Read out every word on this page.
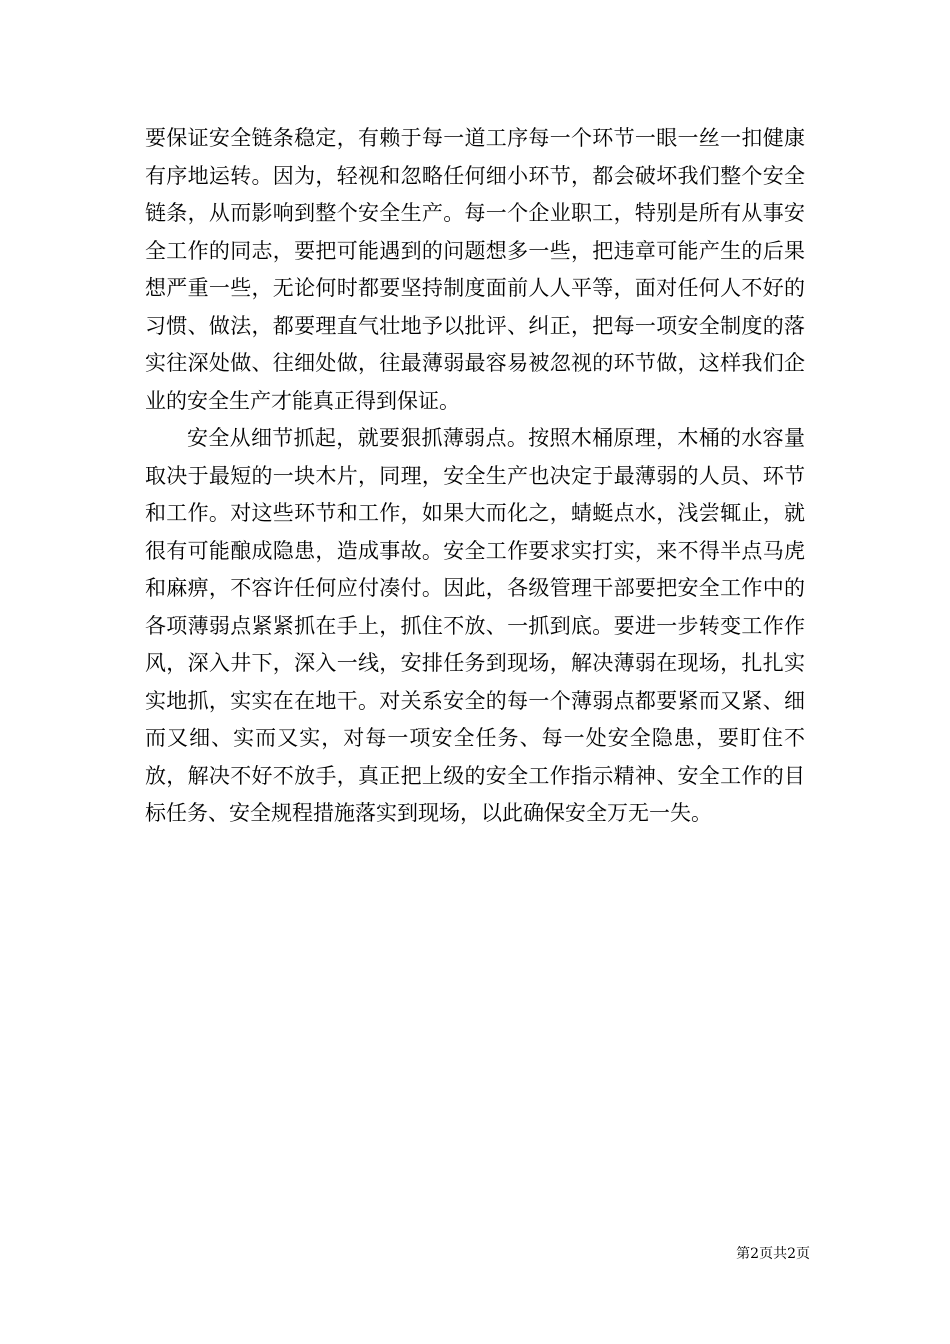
要保证安全链条稳定，有赖于每一道工序每一个环节一眼一丝一扣健康有序地运转。因为，轻视和忽略任何细小环节，都会破坏我们整个安全链条，从而影响到整个安全生产。每一个企业职工，特别是所有从事安全工作的同志，要把可能遇到的问题想多一些，把违章可能产生的后果想严重一些，无论何时都要坚持制度面前人人平等，面对任何人不好的习惯、做法，都要理直气壮地予以批评、纠正，把每一项安全制度的落实往深处做、往细处做，往最薄弱最容易被忽视的环节做，这样我们企业的安全生产才能真正得到保证。

安全从细节抓起，就要狠抓薄弱点。按照木桶原理，木桶的水容量取决于最短的一块木片，同理，安全生产也决定于最薄弱的人员、环节和工作。对这些环节和工作，如果大而化之，蜻蜓点水，浅尝辄止，就很有可能酿成隐患，造成事故。安全工作要求实打实，来不得半点马虎和麻痹，不容许任何应付凑付。因此，各级管理干部要把安全工作中的各项薄弱点紧紧抓在手上，抓住不放、一抓到底。要进一步转变工作作风，深入井下，深入一线，安排任务到现场，解决薄弱在现场，扎扎实实地抓，实实在在地干。对关系安全的每一个薄弱点都要紧而又紧、细而又细、实而又实，对每一项安全任务、每一处安全隐患，要盯住不放，解决不好不放手，真正把上级的安全工作指示精神、安全工作的目标任务、安全规程措施落实到现场，以此确保安全万无一失。

第2页共2页
